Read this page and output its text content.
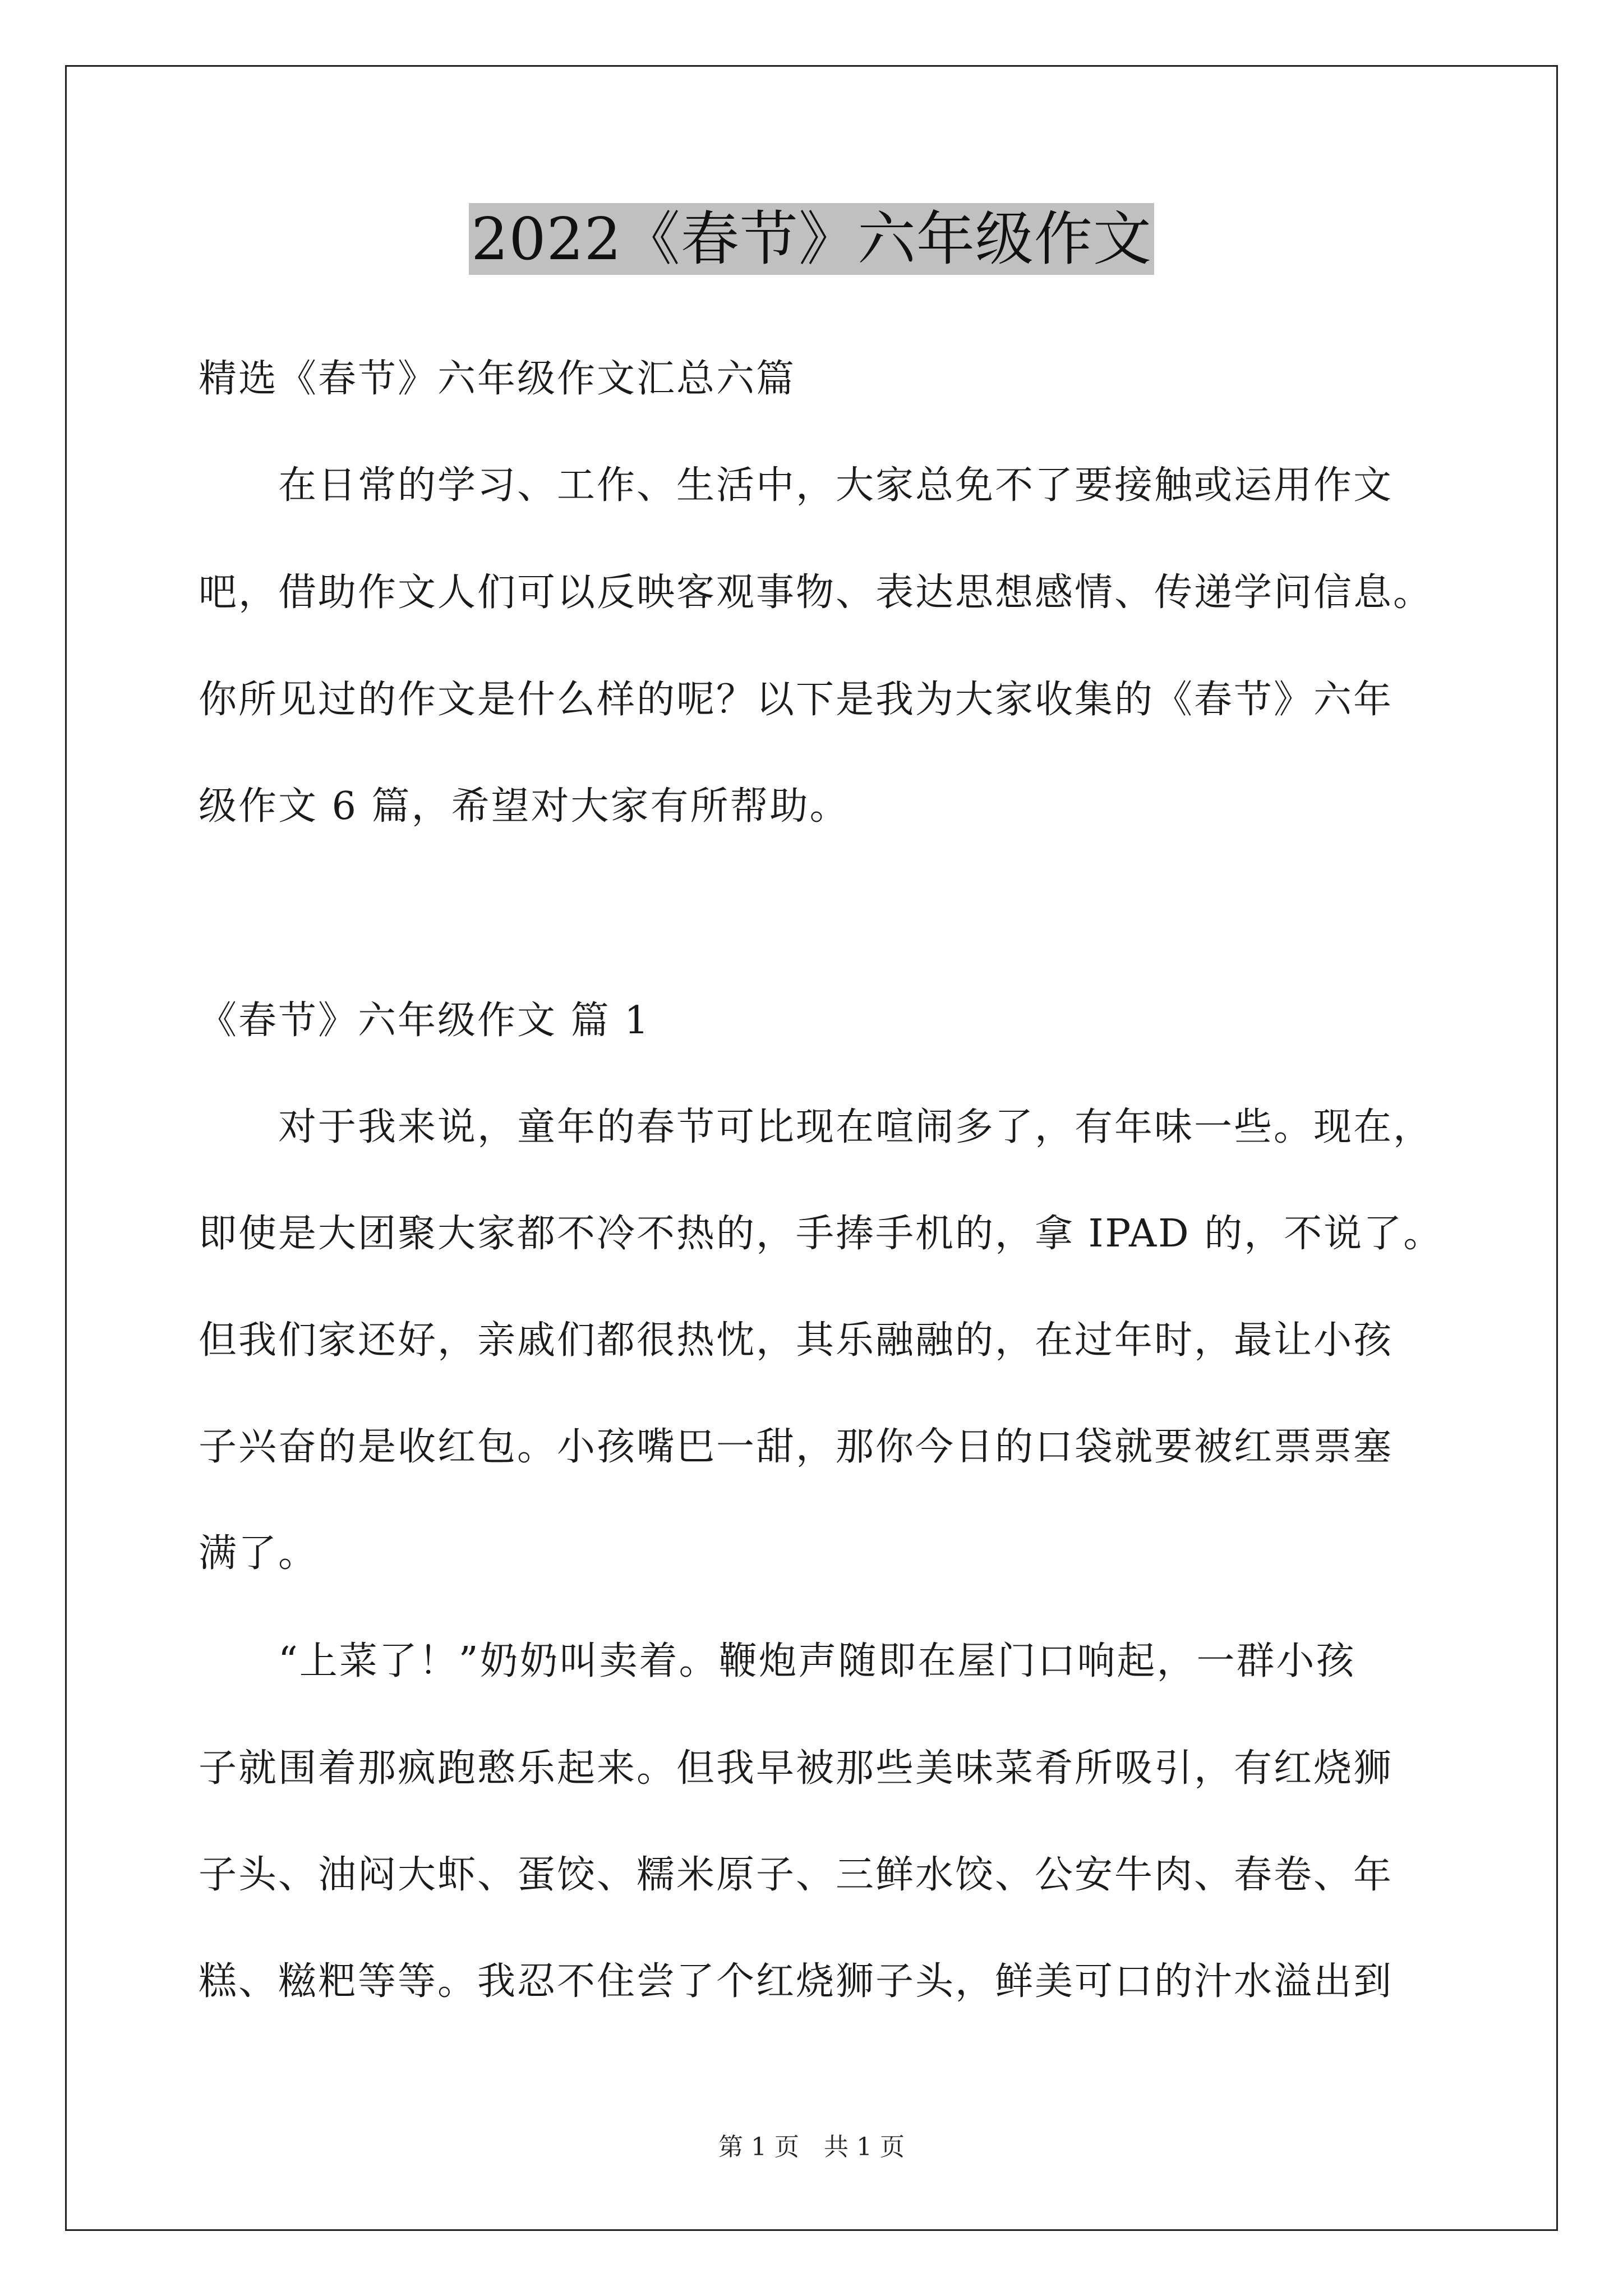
2022《春节》六年级作文
精选《春节》六年级作文汇总六篇
　　在日常的学习、工作、生活中，大家总免不了要接触或运用作文
吧，借助作文人们可以反映客观事物、表达思想感情、传递学问信息。
你所见过的作文是什么样的呢？以下是我为大家收集的《春节》六年
级作文 6 篇，希望对大家有所帮助。
《春节》六年级作文 篇 1
　　对于我来说，童年的春节可比现在喧闹多了，有年味一些。现在，
即使是大团聚大家都不冷不热的，手捧手机的，拿 IPAD 的，不说了。
但我们家还好，亲戚们都很热忱，其乐融融的，在过年时，最让小孩
子兴奋的是收红包。小孩嘴巴一甜，那你今日的口袋就要被红票票塞
满了。
　　“上菜了！”奶奶叫卖着。鞭炮声随即在屋门口响起，一群小孩
子就围着那疯跑憨乐起来。但我早被那些美味菜肴所吸引，有红烧狮
子头、油闷大虾、蛋饺、糯米原子、三鲜水饺、公安牛肉、春卷、年
糕、糍粑等等。我忍不住尝了个红烧狮子头，鲜美可口的汁水溢出到
第 1 页　共 1 页
